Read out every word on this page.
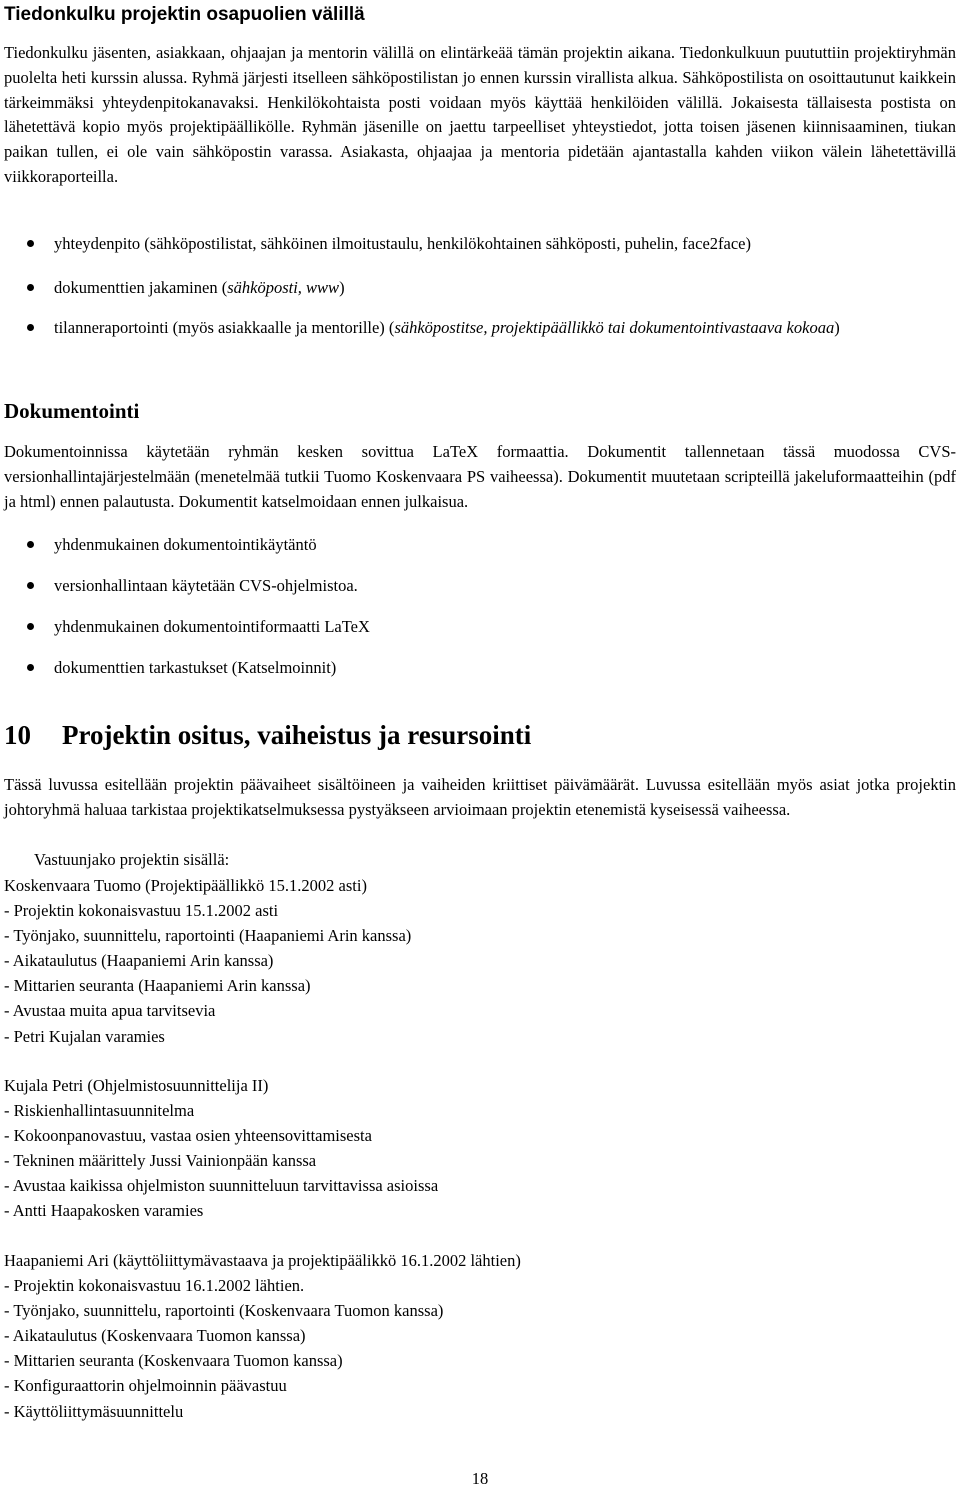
Tiedonkulku projektin osapuolien välillä

Tiedonkulku jäsenten, asiakkaan, ohjaajan ja mentorin välillä on elintärkeää tämän projektin aikana. Tiedonkulkuun puututtiin projektiryhmän puolelta heti kurssin alussa. Ryhmä järjesti itselleen sähköpostilistan jo ennen kurssin virallista alkua. Sähköpostilista on osoittautunut kaikkein tärkeimmäksi yhteydenpitokanavaksi. Henkilökohtaista posti voidaan myös käyttää henkilöiden välillä. Jokaisesta tällaisesta postista on lähetettävä kopio myös projektipäällikölle. Ryhmän jäsenille on jaettu tarpeelliset yhteystiedot, jotta toisen jäsenen kiinnisaaminen, tiukan paikan tullen, ei ole vain sähköpostin varassa. Asiakasta, ohjaajaa ja mentoria pidetään ajantastalla kahden viikon välein lähetettävillä viikkoraporteilla.

yhteydenpito (sähköpostilistat, sähköinen ilmoitustaulu, henkilökohtainen sähköposti, puhelin, face2face)
dokumenttien jakaminen (sähköposti, www)
tilanneraportointi (myös asiakkaalle ja mentorille) (sähköpostitse, projektipäällikkö tai dokumentointivastaava kokoaa)
Dokumentointi

Dokumentoinnissa käytetään ryhmän kesken sovittua LaTeX formaattia. Dokumentit tallennetaan tässä muodossa CVS-versionhallintajärjestelmään (menetelmää tutkii Tuomo Koskenvaara PS vaiheessa). Dokumentit muutetaan scripteillä jakeluformaatteihin (pdf ja html) ennen palautusta. Dokumentit katselmoidaan ennen julkaisua.

yhdenmukainen dokumentointikäytäntö
versionhallintaan käytetään CVS-ohjelmistoa.
yhdenmukainen dokumentointiformaatti LaTeX
dokumenttien tarkastukset (Katselmoinnit)
10 Projektin ositus, vaiheistus ja resursointi

Tässä luvussa esitellään projektin päävaiheet sisältöineen ja vaiheiden kriittiset päivämäärät. Luvussa esitellään myös asiat jotka projektin johtoryhmä haluaa tarkistaa projektikatselmuksessa pystyäkseen arvioimaan projektin etenemistä kyseisessä vaiheessa.

Vastuunjako projektin sisällä:

Koskenvaara Tuomo (Projektipäällikkö 15.1.2002 asti)
- Projektin kokonaisvastuu 15.1.2002 asti
- Työnjako, suunnittelu, raportointi (Haapaniemi Arin kanssa)
- Aikataulutus (Haapaniemi Arin kanssa)
- Mittarien seuranta (Haapaniemi Arin kanssa)
- Avustaa muita apua tarvitsevia
- Petri Kujalan varamies
Kujala Petri (Ohjelmistosuunnittelija II)
- Riskienhallintasuunnitelma
- Kokoonpanovastuu, vastaa osien yhteensovittamisesta
- Tekninen määrittely Jussi Vainionpään kanssa
- Avustaa kaikissa ohjelmiston suunnitteluun tarvittavissa asioissa
- Antti Haapakosken varamies
Haapaniemi Ari (käyttöliittymävastaava ja projektipäälikkö 16.1.2002 lähtien)
- Projektin kokonaisvastuu 16.1.2002 lähtien.
- Työnjako, suunnittelu, raportointi (Koskenvaara Tuomon kanssa)
- Aikataulutus (Koskenvaara Tuomon kanssa)
- Mittarien seuranta (Koskenvaara Tuomon kanssa)
- Konfiguraattorin ohjelmoinnin päävastuu
- Käyttöliittymäsuunnittelu
18
